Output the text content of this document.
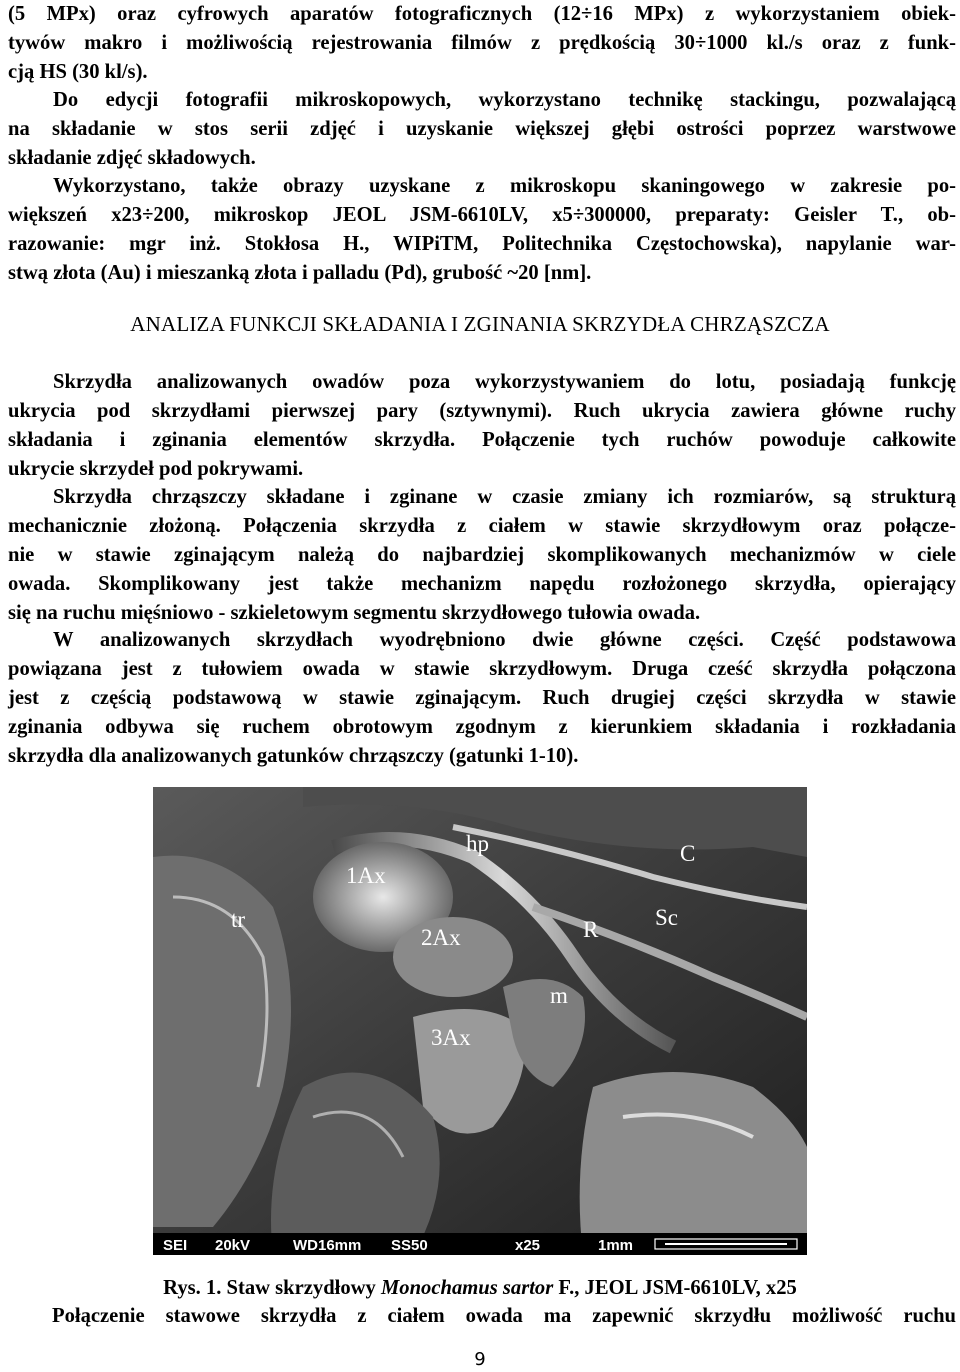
(5 MPx) oraz cyfrowych aparatów fotograficznych (12÷16 MPx) z wykorzystaniem obiek-
tywów makro i możliwością rejestrowania filmów z prędkością 30÷1000 kl./s oraz z funk-
cją HS (30 kl/s).
Do edycji fotografii mikroskopowych, wykorzystano technikę stackingu, pozwalającą
na składanie w stos serii zdjęć i uzyskanie większej głębi ostrości poprzez warstwowe
składanie zdjęć składowych.
Wykorzystano, także obrazy uzyskane z mikroskopu skaningowego w zakresie po-
większeń x23÷200, mikroskop JEOL JSM-6610LV, x5÷300000, preparaty: Geisler T., ob-
razowanie: mgr inż. Stokłosa H., WIPiTM, Politechnika Częstochowska), napylanie war-
stwą złota (Au) i mieszanką złota i palladu (Pd), grubość ~20 [nm].
ANALIZA FUNKCJI SKŁADANIA I ZGINANIA SKRZYDŁA CHRZĄSZCZA
Skrzydła analizowanych owadów poza wykorzystywaniem do lotu, posiadają funkcję
ukrycia pod skrzydłami pierwszej pary (sztywnymi). Ruch ukrycia zawiera główne ruchy
składania i zginania elementów skrzydła. Połączenie tych ruchów powoduje całkowite
ukrycie skrzydeł pod pokrywami.
Skrzydła chrząszczy składane i zginane w czasie zmiany ich rozmiarów, są strukturą
mechanicznie złożoną. Połączenia skrzydła z ciałem w stawie skrzydłowym oraz połącze-
nie w stawie zginającym należą do najbardziej skomplikowanych mechanizmów w ciele
owada. Skomplikowany jest także mechanizm napędu rozłożonego skrzydła, opierający
się na ruchu mięśniowo - szkieletowym segmentu skrzydłowego tułowia owada.
W analizowanych skrzydłach wyodrębniono dwie główne części. Część podstawowa
powiązana jest z tułowiem owada w stawie skrzydłowym. Druga cześć skrzydła połączona
jest z częścią podstawową w stawie zginającym. Ruch drugiej części skrzydła w stawie
zginania odbywa się ruchem obrotowym zgodnym z kierunkiem składania i rozkładania
skrzydła dla analizowanych gatunków chrząszczy (gatunki 1-10).
tr
1Ax
hp	C
2Ax	R Sc
m
3Ax
SEI 20kV	WD16mm SS50	x25	1mm
Rys. 1. Staw skrzydłowy Monochamus sartor F., JEOL JSM-6610LV, x25
Połączenie stawowe skrzydła z ciałem owada ma zapewnić skrzydłu możliwość ruchu
9
